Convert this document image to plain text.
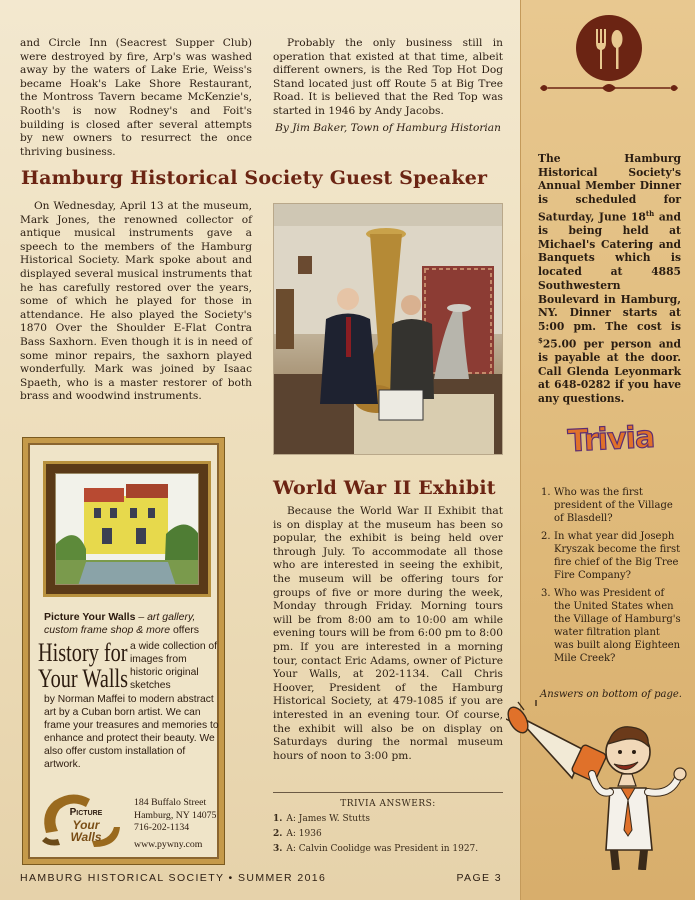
and Circle Inn (Seacrest Supper Club) were destroyed by fire, Arp's was washed away by the waters of Lake Erie, Weiss's became Hoak's Lake Shore Restaurant, the Montross Tavern became McKenzie's, Rooth's is now Rodney's and Foit's building is closed after several attempts by new owners to resurrect the once thriving business.

Probably the only business still in operation that existed at that time, albeit different owners, is the Red Top Hot Dog Stand located just off Route 5 at Big Tree Road. It is believed that the Red Top was started in 1946 by Andy Jacobs.

By Jim Baker, Town of Hamburg Historian

Hamburg Historical Society Guest Speaker

On Wednesday, April 13 at the museum, Mark Jones, the renowned collector of antique musical instruments gave a speech to the members of the Hamburg Historical Society. Mark spoke about and displayed several musical instruments that he has carefully restored over the years, some of which he played for those in attendance. He also played the Society's 1870 Over the Shoulder E-Flat Contra Bass Saxhorn. Even though it is in need of some minor repairs, the saxhorn played wonderfully. Mark was joined by Isaac Spaeth, who is a master restorer of both brass and woodwind instruments.

Picture Your Walls – art gallery, custom frame shop & more offers
History for
Your Walls
a wide collection of images from historic original sketches
by Norman Maffei to modern abstract art by a Cuban born artist. We can frame your treasures and memories to enhance and protect their beauty. We also offer custom installation of artwork.
Picture
Your
Walls
184 Buffalo Street
Hamburg, NY 14075
716-202-1134
www.pywny.com
World War II Exhibit

Because the World War II Exhibit that is on display at the museum has been so popular, the exhibit is being held over through July. To accommodate all those who are interested in seeing the exhibit, the museum will be offering tours for groups of five or more during the week, Monday through Friday. Morning tours will be from 8:00 am to 10:00 am while evening tours will be from 6:00 pm to 8:00 pm. If you are interested in a morning tour, contact Eric Adams, owner of Picture Your Walls, at 202-1134. Call Chris Hoover, President of the Hamburg Historical Society, at 479-1085 if you are interested in an evening tour. Of course, the exhibit will also be on display on Saturdays during the normal museum hours of noon to 3:00 pm.

TRIVIA ANSWERS:
1. A: James W. Stutts
2. A: 1936
3. A: Calvin Coolidge was President in 1927.
HAMBURG HISTORICAL SOCIETY • SUMMER 2016	PAGE 3
The Hamburg Historical Society's Annual Member Dinner is scheduled for Saturday, June 18th and is being held at Michael's Catering and Banquets which is located at 4885 Southwestern Boulevard in Hamburg, NY. Dinner starts at 5:00 pm. The cost is $25.00 per person and is payable at the door. Call Glenda Leyonmark at 648-0282 if you have any questions.
Trivia
1. Who was the first president of the Village of Blasdell?
2. In what year did Joseph Kryszak become the first fire chief of the Big Tree Fire Company?
3. Who was President of the United States when the Village of Hamburg's water filtration plant was built along Eighteen Mile Creek?
Answers on bottom of page.
